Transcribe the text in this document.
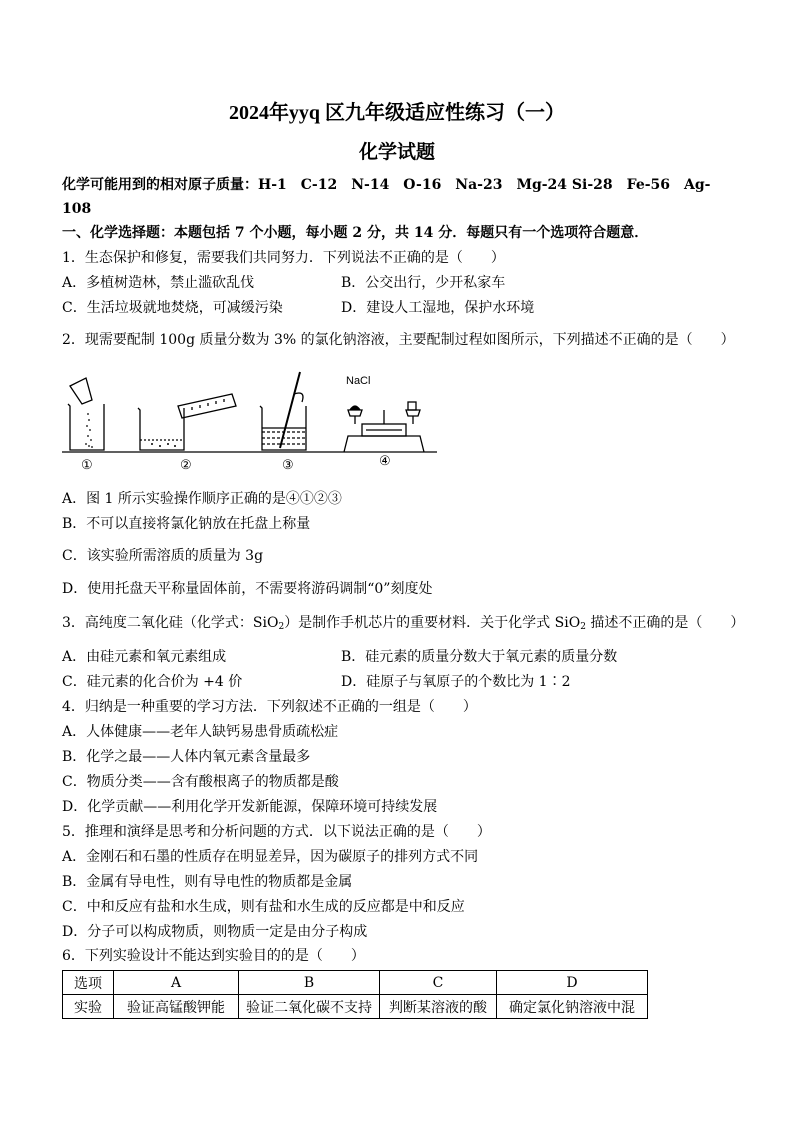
2024年yyq 区九年级适应性练习（一）
化学试题
化学可能用到的相对原子质量：H-1　C-12　N-14　O-16　Na-23　Mg-24 Si-28　Fe-56　Ag-
108
一、化学选择题：本题包括 7 个小题，每小题 2 分，共 14 分．每题只有一个选项符合题意．
1．生态保护和修复，需要我们共同努力．下列说法不正确的是（　　）
A．多植树造林，禁止滥砍乱伐	B．公交出行，少开私家车
C．生活垃圾就地焚烧，可减缓污染	D．建设人工湿地，保护水环境
2．现需要配制 100g 质量分数为 3% 的氯化钠溶液，主要配制过程如图所示，下列描述不正确的是（　　）
NaCl
①	②	③	④
A．图 1 所示实验操作顺序正确的是④①②③
B．不可以直接将氯化钠放在托盘上称量
C．该实验所需溶质的质量为 3g
D．使用托盘天平称量固体前，不需要将游码调制“0”刻度处
3．高纯度二氧化硅（化学式：SiO$_2$）是制作手机芯片的重要材料．关于化学式 SiO$_2$ 描述不正确的是（　　）
A．由硅元素和氧元素组成	B．硅元素的质量分数大于氧元素的质量分数
C．硅元素的化合价为 +4 价	D．硅原子与氧原子的个数比为 1∶2
4．归纳是一种重要的学习方法．下列叙述不正确的一组是（　　）
A．人体健康——老年人缺钙易患骨质疏松症
B．化学之最——人体内氧元素含量最多
C．物质分类——含有酸根离子的物质都是酸
D．化学贡献——利用化学开发新能源，保障环境可持续发展
5．推理和演绎是思考和分析问题的方式．以下说法正确的是（　　）
A．金刚石和石墨的性质存在明显差异，因为碳原子的排列方式不同
B．金属有导电性，则有导电性的物质都是金属
C．中和反应有盐和水生成，则有盐和水生成的反应都是中和反应
D．分子可以构成物质，则物质一定是由分子构成
6．下列实验设计不能达到实验目的的是（　　）
选项	A	B	C	D
实验	验证高锰酸钾能	验证二氧化碳不支持	判断某溶液的酸	确定氯化钠溶液中混
